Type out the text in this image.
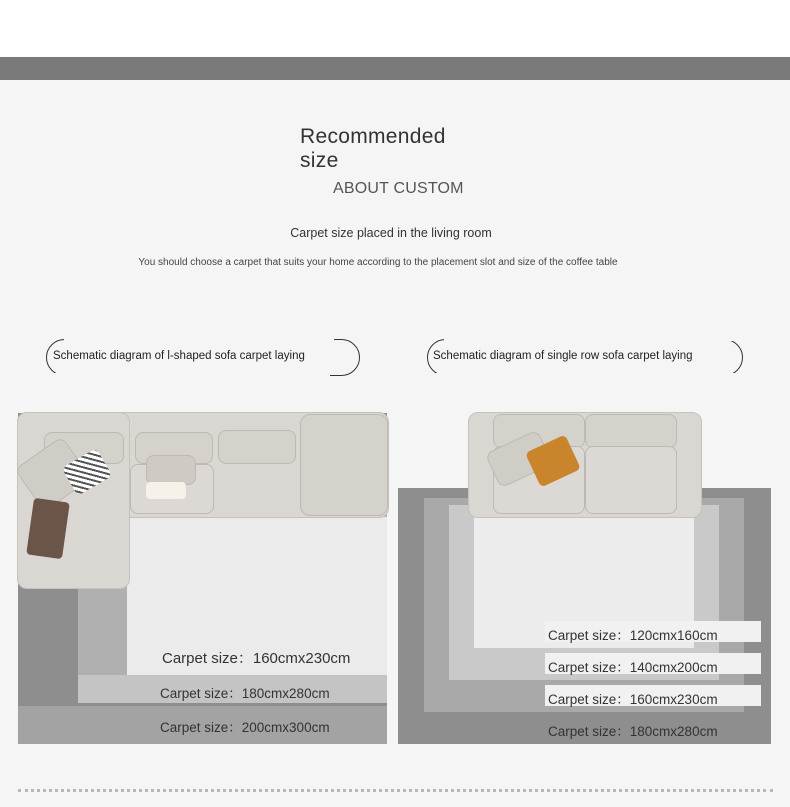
Recommended size
ABOUT CUSTOM
Carpet size placed in the living room
You should choose a carpet that suits your home according to the placement slot and size of the coffee table
Schematic diagram of l-shaped sofa carpet laying	Schematic diagram of single row sofa carpet laying
Carpet size：160cmx230cm
Carpet size：180cmx280cm
Carpet size：200cmx300cm
Carpet size：120cmx160cm
Carpet size：140cmx200cm
Carpet size：160cmx230cm
Carpet size：180cmx280cm
